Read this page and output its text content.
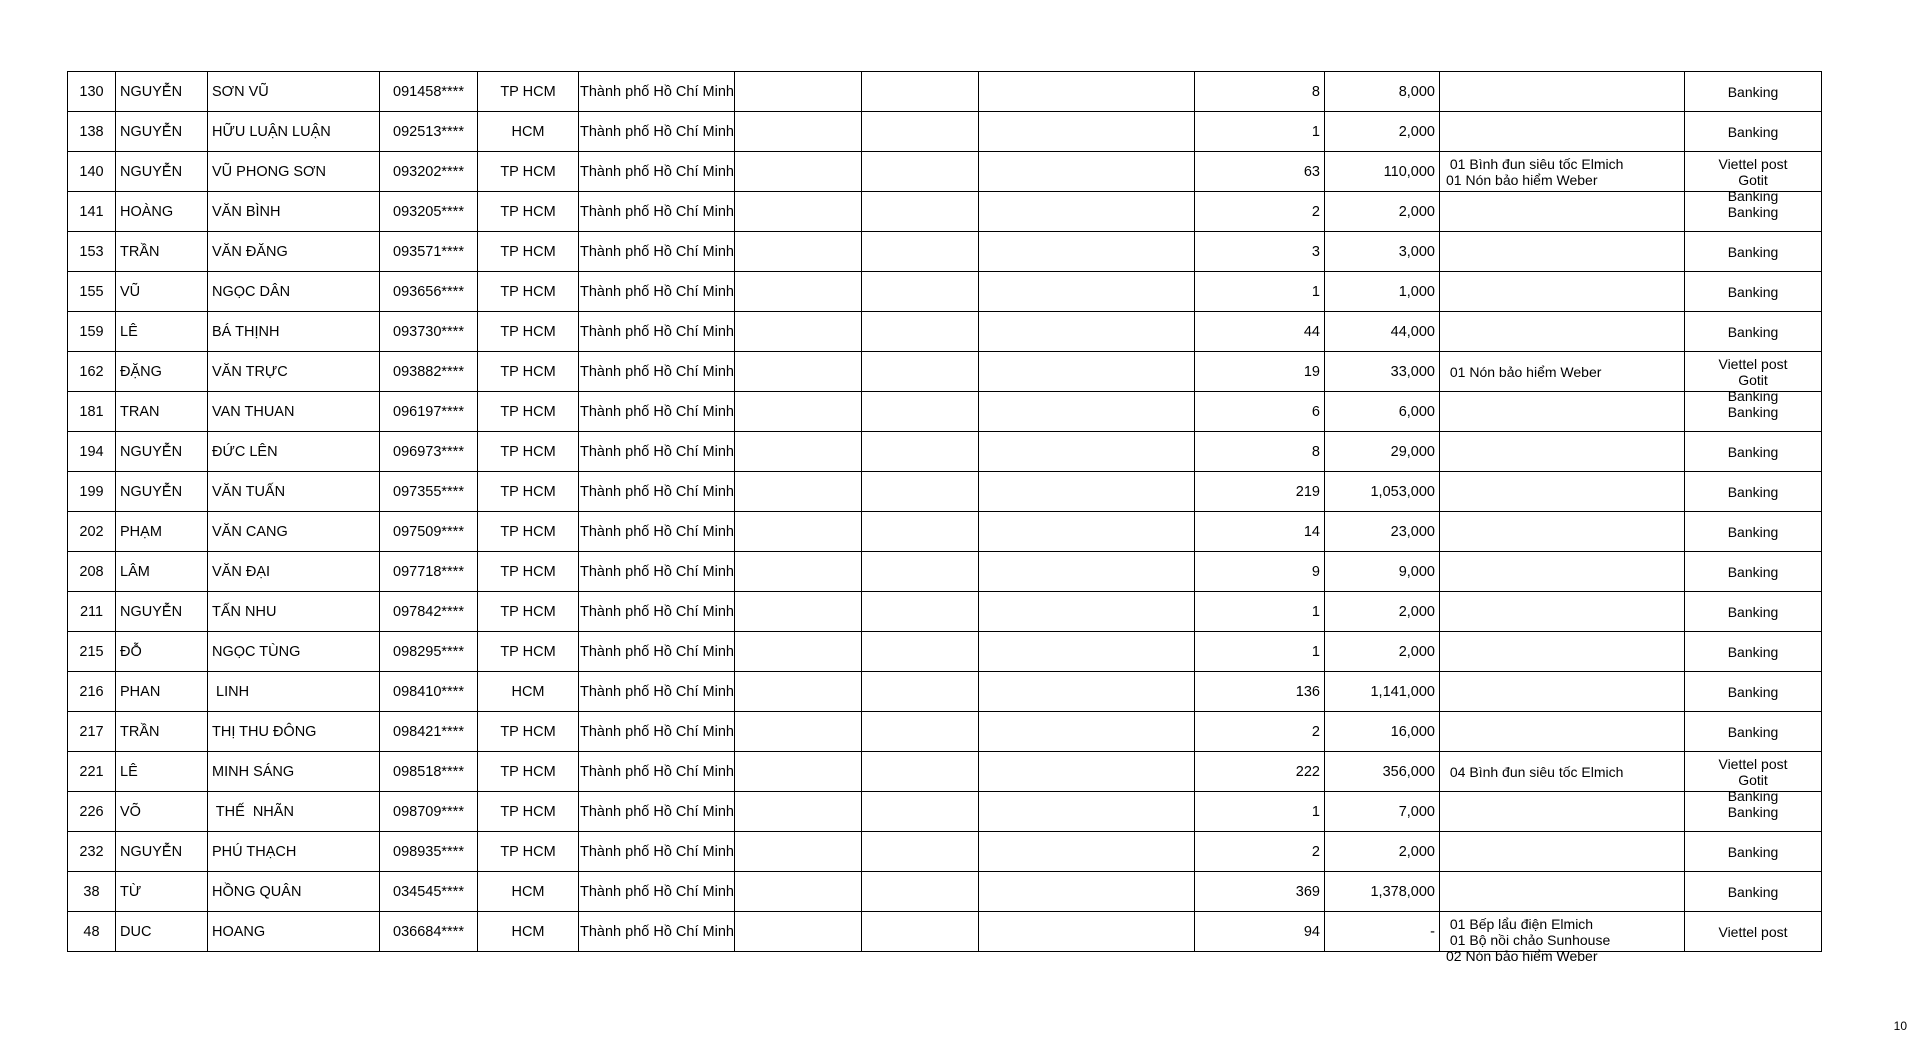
130	NGUYỄN	SƠN VŨ	091458****	TP HCM	Thành phố Hồ Chí Minh				8	8,000		Banking

138	NGUYỄN	HỮU LUẬN LUẬN	092513****	HCM	Thành phố Hồ Chí Minh				1	2,000		Banking

140	NGUYỄN	VŨ PHONG SƠN	093202****	TP HCM	Thành phố Hồ Chí Minh				63	110,000	01 Bình đun siêu tốc Elmich
01 Nón bảo hiểm Weber	Viettel post
Gotit
Banking

141	HOÀNG	VĂN BÌNH	093205****	TP HCM	Thành phố Hồ Chí Minh				2	2,000		Banking

153	TRẦN	VĂN ĐĂNG	093571****	TP HCM	Thành phố Hồ Chí Minh				3	3,000		Banking

155	VŨ	NGỌC DÂN	093656****	TP HCM	Thành phố Hồ Chí Minh				1	1,000		Banking

159	LÊ	BÁ THỊNH	093730****	TP HCM	Thành phố Hồ Chí Minh				44	44,000		Banking

162	ĐẶNG	VĂN TRỰC	093882****	TP HCM	Thành phố Hồ Chí Minh				19	33,000	01 Nón bảo hiểm Weber	Viettel post
Gotit
Banking

181	TRAN	VAN THUAN	096197****	TP HCM	Thành phố Hồ Chí Minh				6	6,000		Banking

194	NGUYỄN	ĐỨC LÊN	096973****	TP HCM	Thành phố Hồ Chí Minh				8	29,000		Banking

199	NGUYỄN	VĂN TUẤN	097355****	TP HCM	Thành phố Hồ Chí Minh				219	1,053,000		Banking

202	PHẠM	VĂN CANG	097509****	TP HCM	Thành phố Hồ Chí Minh				14	23,000		Banking

208	LÂM	VĂN ĐẠI	097718****	TP HCM	Thành phố Hồ Chí Minh				9	9,000		Banking

211	NGUYỄN	TẤN NHU	097842****	TP HCM	Thành phố Hồ Chí Minh				1	2,000		Banking

215	ĐỖ	NGỌC TÙNG	098295****	TP HCM	Thành phố Hồ Chí Minh				1	2,000		Banking

216	PHAN	LINH	098410****	HCM	Thành phố Hồ Chí Minh				136	1,141,000		Banking

217	TRẦN	THỊ THU ĐÔNG	098421****	TP HCM	Thành phố Hồ Chí Minh				2	16,000		Banking

221	LÊ	MINH SÁNG	098518****	TP HCM	Thành phố Hồ Chí Minh				222	356,000	04 Bình đun siêu tốc Elmich	Viettel post
Gotit
Banking

226	VÕ	THẾ  NHÃN	098709****	TP HCM	Thành phố Hồ Chí Minh				1	7,000		Banking

232	NGUYỄN	PHÚ THẠCH	098935****	TP HCM	Thành phố Hồ Chí Minh				2	2,000		Banking

38	TỪ	HỒNG QUÂN	034545****	HCM	Thành phố Hồ Chí Minh				369	1,378,000		Banking

48	DUC	HOANG	036684****	HCM	Thành phố Hồ Chí Minh				94	-	01 Bếp lẩu điện Elmich
01 Bộ nồi chảo Sunhouse
02 Nón bảo hiểm Weber	Viettel post
10
